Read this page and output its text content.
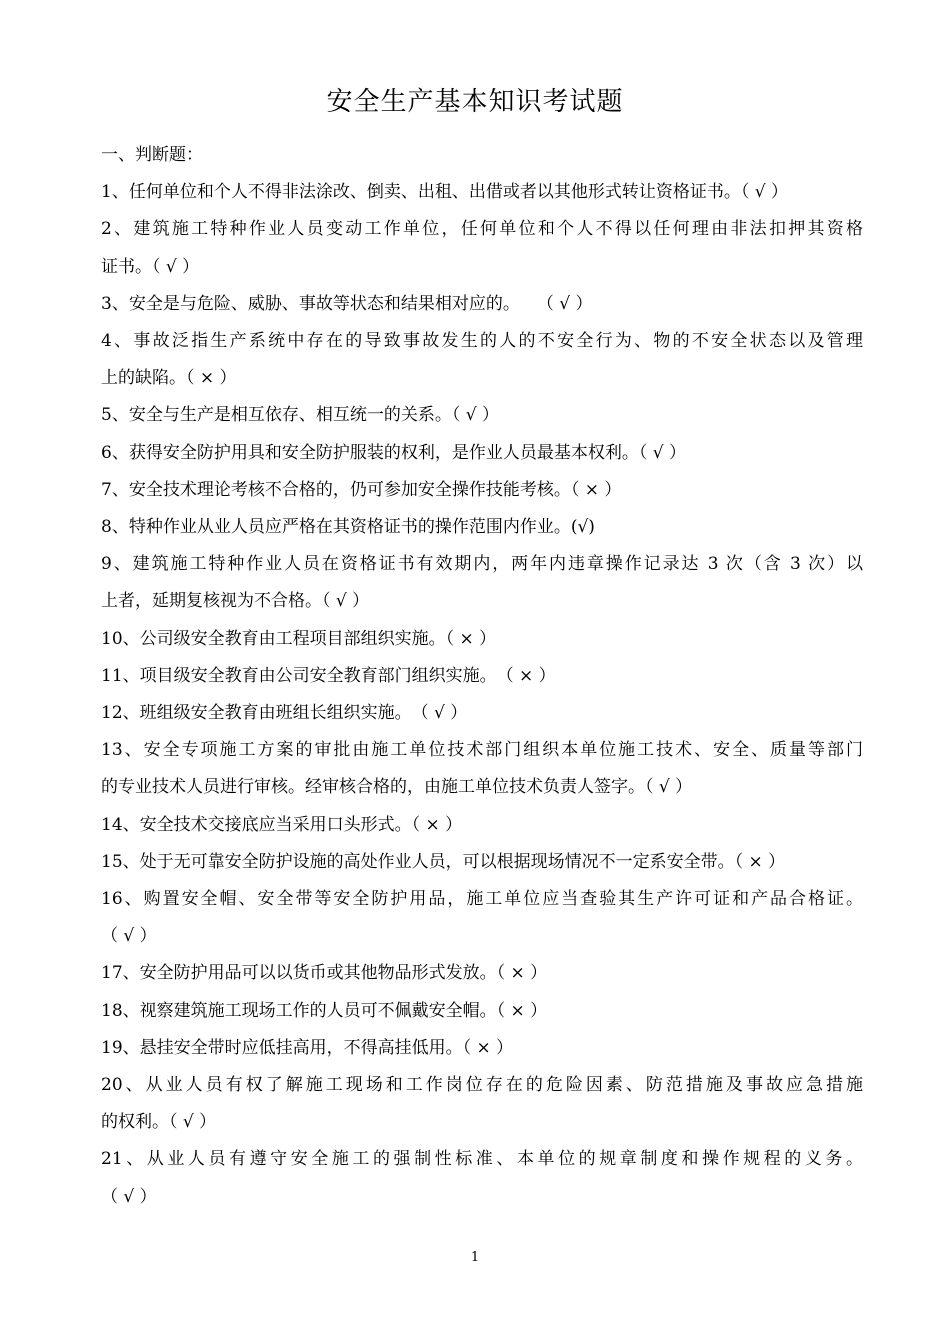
安全生产基本知识考试题
一、判断题：
1、任何单位和个人不得非法涂改、倒卖、出租、出借或者以其他形式转让资格证书。（ √ ）
2、建筑施工特种作业人员变动工作单位，任何单位和个人不得以任何理由非法扣押其资格
证书。（ √ ）
3、安全是与危险、威胁、事故等状态和结果相对应的。　　（ √ ）
4、事故泛指生产系统中存在的导致事故发生的人的不安全行为、物的不安全状态以及管理
上的缺陷。（ × ）
5、安全与生产是相互依存、相互统一的关系。（ √ ）
6、获得安全防护用具和安全防护服装的权利，是作业人员最基本权利。（ √ ）
7、安全技术理论考核不合格的，仍可参加安全操作技能考核。（ × ）
8、特种作业从业人员应严格在其资格证书的操作范围内作业。(√)
9、建筑施工特种作业人员在资格证书有效期内，两年内违章操作记录达 3 次（含 3 次）以
上者，延期复核视为不合格。（ √ ）
10、公司级安全教育由工程项目部组织实施。（ × ）
11、项目级安全教育由公司安全教育部门组织实施。　（ × ）
12、班组级安全教育由班组长组织实施。　（ √ ）
13、安全专项施工方案的审批由施工单位技术部门组织本单位施工技术、安全、质量等部门
的专业技术人员进行审核。经审核合格的，由施工单位技术负责人签字。（ √ ）
14、安全技术交接底应当采用口头形式。（ × ）
15、处于无可靠安全防护设施的高处作业人员，可以根据现场情况不一定系安全带。（ × ）
16、购置安全帽、安全带等安全防护用品，施工单位应当查验其生产许可证和产品合格证。
（ √ ）
17、安全防护用品可以以货币或其他物品形式发放。（ × ）
18、视察建筑施工现场工作的人员可不佩戴安全帽。（ × ）
19、悬挂安全带时应低挂高用，不得高挂低用。（ × ）
20、从业人员有权了解施工现场和工作岗位存在的危险因素、防范措施及事故应急措施
的权利。（ √ ）
21、从业人员有遵守安全施工的强制性标准、本单位的规章制度和操作规程的义务。
（ √ ）
1
